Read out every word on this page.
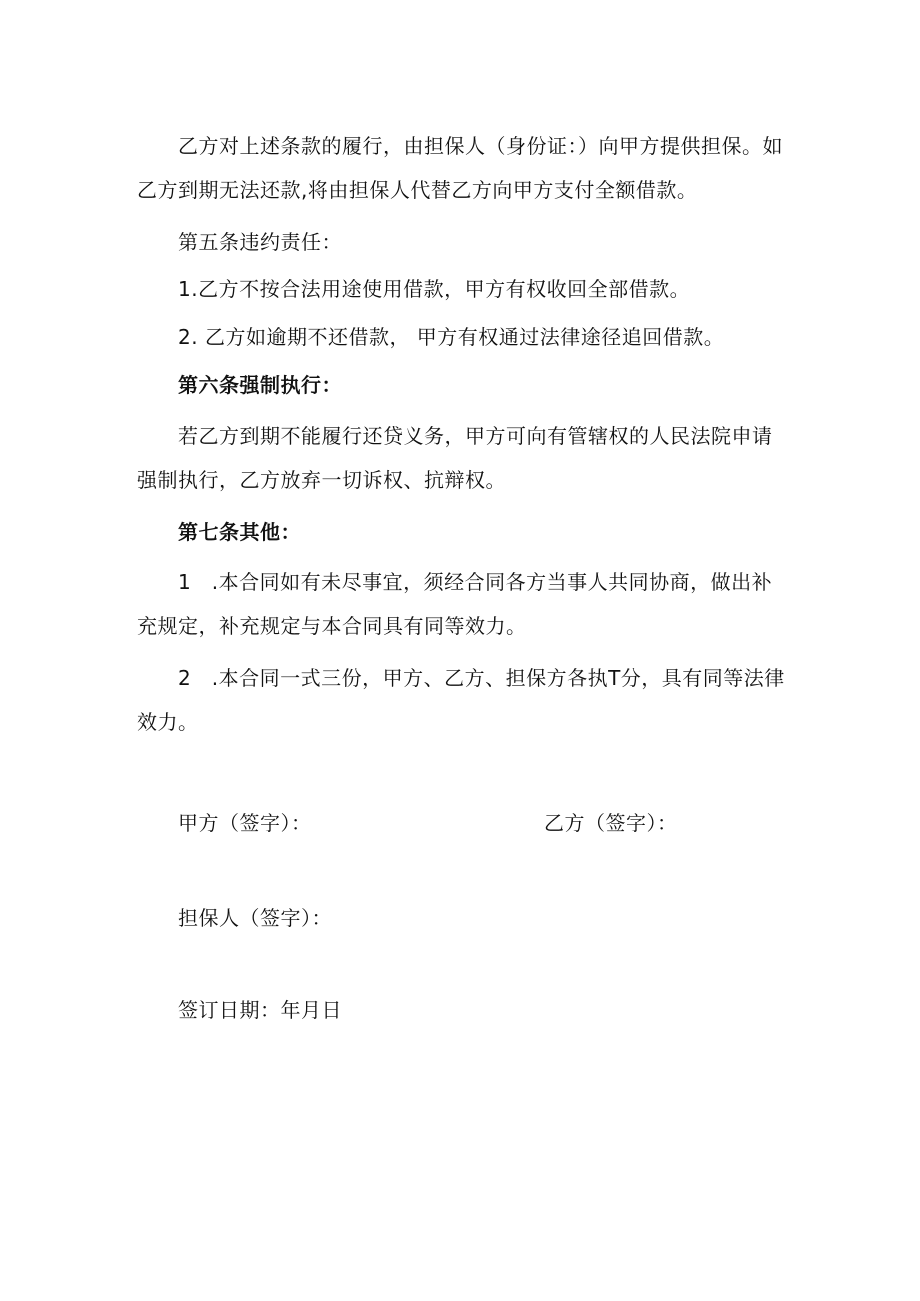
乙方对上述条款的履行，由担保人（身份证：）向甲方提供担保。如乙方到期无法还款,将由担保人代替乙方向甲方支付全额借款。
第五条违约责任：
1.乙方不按合法用途使用借款，甲方有权收回全部借款。
2. 乙方如逾期不还借款， 甲方有权通过法律途径追回借款。
第六条强制执行：
若乙方到期不能履行还贷义务，甲方可向有管辖权的人民法院申请强制执行，乙方放弃一切诉权、抗辩权。
第七条其他：
1　.本合同如有未尽事宜，须经合同各方当事人共同协商，做出补充规定，补充规定与本合同具有同等效力。
2　.本合同一式三份，甲方、乙方、担保方各执T分，具有同等法律效力。
甲方（签字）：	乙方（签字）：
担保人（签字）：
签订日期：年月日
